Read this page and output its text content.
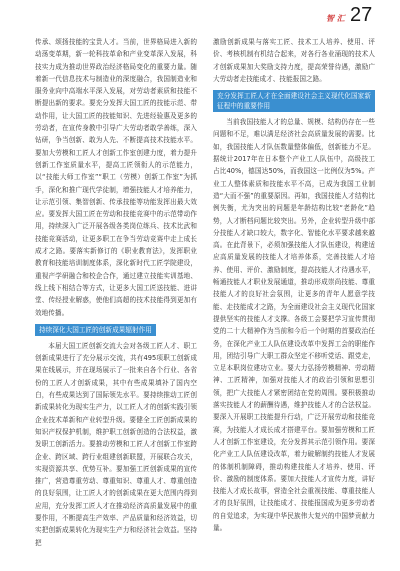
智 汇 27

传承、颂扬技能的宝贵人才。当前，世界格局进入新的动荡变革期，新一轮科技革命和产业变革深入发展，科技实力成为推动世界政治经济格局变化的重要力量。随着新一代信息技术与制造业的深度融合，我国制造业和服务业向中高端水平深入发展，对劳动者素质和技能不断提出新的要求。要充分发挥大国工匠的技能示范、带动作用，让大国工匠的技能知识、先进经验惠及更多的劳动者，在宣传身教中引导广大劳动者敢学善练，深入钻研，争当创新、敢为人先、不断提高技术技能水平。要加大劳模和工匠人才创新工作室创建力度，着力提升创新工作室质量水平，提高工匠领衔人的示范能力，以“技能大师工作室”“职工（劳模）创新工作室”为抓手，深化和推广现代学徒制，增强技能人才培养能力，让示范引领、集智创新、传承技能等功能发挥出最大效应。要发挥大国工匠在劳动和技能竞赛中的示范带动作用，持续深入广泛开展各级各类岗位练兵、技术比武和技能竞赛活动，让更多职工在争当劳动竞赛中走上成长成才之路。要落实新修订的《职业教育法》，发挥职业教育和技能培训制度体系，深化新时代工匠学院建设，重视产学研融合和校企合作，通过建立技能实训基地、线上线下相结合等方式，让更多大国工匠送技能、进讲堂、传经授业解惑，使他们高超的技术技能得到更加有效地传播。

持续深化大国工匠的创新成果辐射作用

本届大国工匠创新交流大会对各级工匠人才、职工创新成果进行了充分展示交流，共有495项职工创新成果在线展示，并在现场展示了一批来自各个行业、各省份的工匠人才创新成果，其中有些成果填补了国内空白，有些成果达到了国际领先水平。要持续推动工匠创新成果转化为现实生产力，以工匠人才的创新实践引领企业技术革新和产业转型升级。要健全工匠创新成果的知识产权保护机制，维护职工创新创造的合法权益，激发职工创新活力。要推动劳模和工匠人才创新工作室跨企业、跨区域、跨行业组建创新联盟，开展联合攻关，实现资源共享、优势互补。要加强工匠创新成果的宣传推广，营造尊重劳动、尊重知识、尊重人才、尊重创造的良好氛围，让工匠人才的创新成果在更大范围内得到应用，充分发挥工匠人才在推动经济高质量发展中的重要作用，不断提高生产效率、产品质量和经济效益，切实把创新成果转化为现实生产力和经济社会效益。坚持把

激励创新成果与落实工匠、技术工人培养、使用、评价、考核机制有机结合起来，对各行各业涌现的技术人才创新成果加大奖励支持力度，提高荣誉待遇，激励广大劳动者走技能成才、技能报国之路。

充分发挥工匠人才在全面建设社会主义现代化国家新征程中的重要作用

当前我国技能人才的总量、规模、结构仍存在一些问题和不足，难以满足经济社会高质量发展的需要。比如，我国技能人才队伍数量整体偏低，创新能力不足。据统计2017年在日本整个产业工人队伍中，高级技工占比40%，德国达50%，而我国这一比例仅为5%。产业工人整体素质和技能水平不高，已成为我国工业制造“大而不强”的重要原因。再如，我国技能人才结构比例失衡，尤为突出的问题是年龄结构比较“老龄化”趋势，人才断档问题比较突出。另外，企业转型升级中部分技能人才缺口较大，数字化、智能化水平要求越来越高。在此背景下，必须加强技能人才队伍建设，构建适应高质量发展的技能人才培养体系，完善技能人才培养、使用、评价、激励制度，提高技能人才待遇水平，畅通技能人才职业发展通道，推动形成崇尚技能、尊重技能人才的良好社会氛围，让更多的青年人愿意学技能、走技能成才之路，为全面建设社会主义现代化国家提供坚实的技能人才支撑。各级工会要把学习宣传贯彻党的二十大精神作为当前和今后一个时期的首要政治任务，在深化产业工人队伍建设改革中发挥工会的职能作用，团结引导广大职工群众坚定不移听党话、跟党走，立足本职岗位建功立业。要大力弘扬劳模精神、劳动精神、工匠精神，加强对技能人才的政治引领和思想引领，把广大技能人才紧密团结在党的周围。要积极推动落实技能人才的薪酬待遇，维护技能人才的合法权益。要深入开展职工技能提升行动，广泛开展劳动和技能竞赛，为技能人才成长成才搭建平台。要加强劳模和工匠人才创新工作室建设，充分发挥其示范引领作用。要深化产业工人队伍建设改革，着力破解制约技能人才发展的体制机制障碍，推动构建技能人才培养、使用、评价、激励的制度体系。要加大技能人才宣传力度，讲好技能人才成长故事，营造全社会重视技能、尊重技能人才的良好氛围，让技能成才、技能报国成为更多劳动者的自觉追求，为实现中华民族伟大复兴的中国梦贡献力量。
